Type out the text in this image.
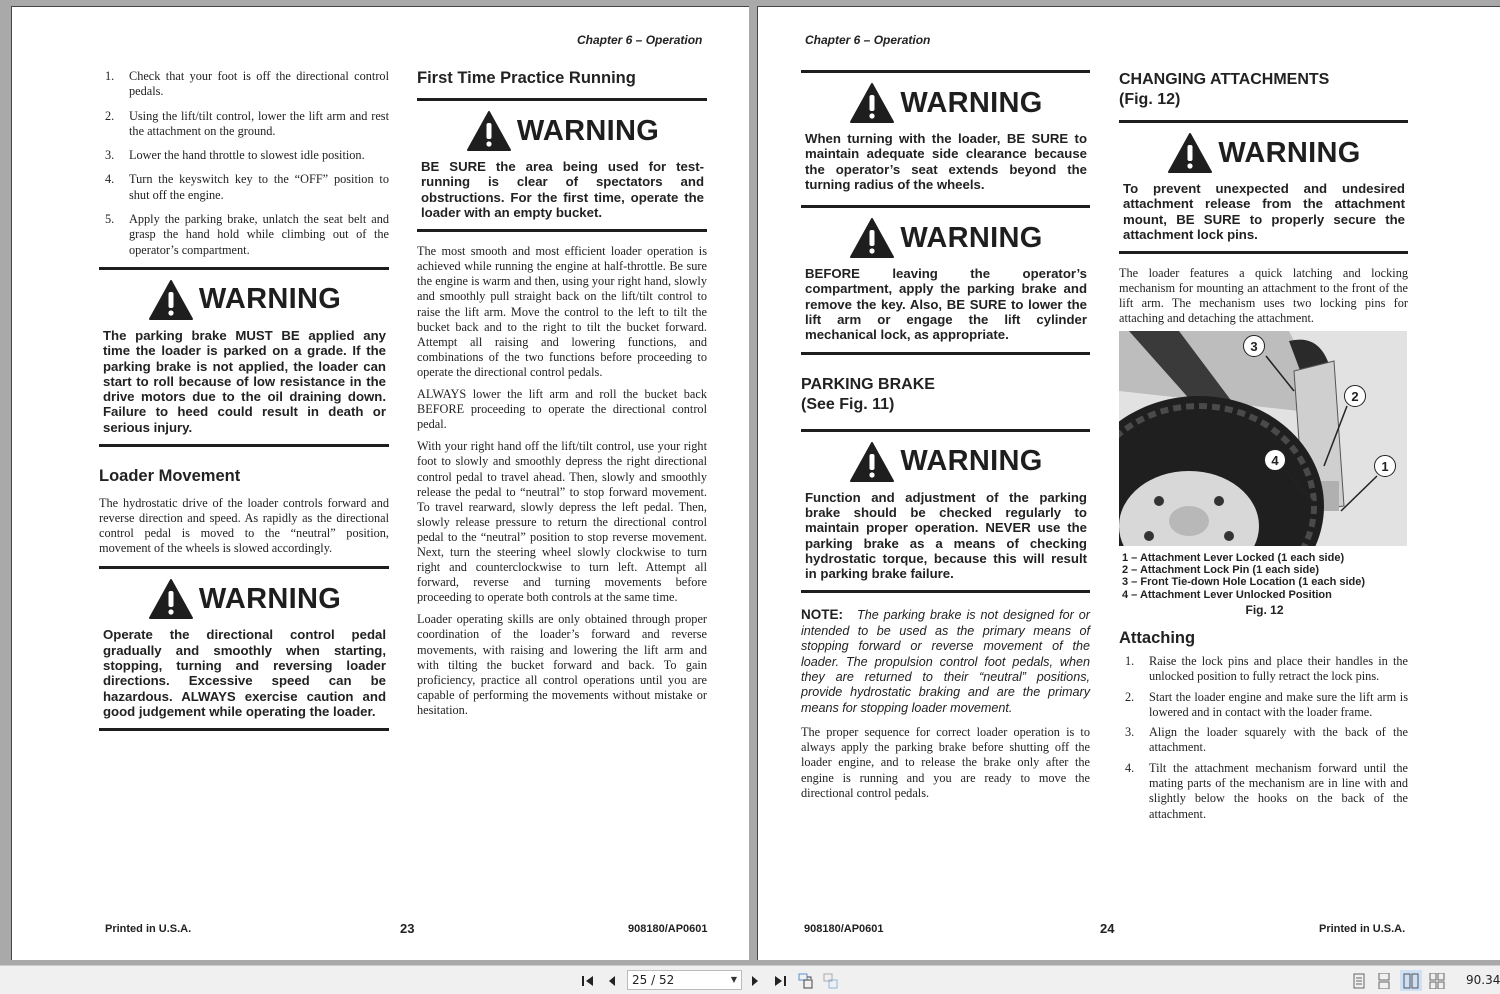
Chapter 6 – Operation
1.	Check that your foot is off the directional control pedals.
2.	Using the lift/tilt control, lower the lift arm and rest the attachment on the ground.
3.	Lower the hand throttle to slowest idle position.
4.	Turn the keyswitch key to the “OFF” position to shut off the engine.
5.	Apply the parking brake, unlatch the seat belt and grasp the hand hold while climbing out of the operator’s compartment.
WARNING
The parking brake MUST BE applied any time the loader is parked on a grade. If the parking brake is not applied, the loader can start to roll because of low resistance in the drive motors due to the oil draining down. Failure to heed could result in death or serious injury.
Loader Movement
The hydrostatic drive of the loader controls forward and reverse direction and speed. As rapidly as the directional control pedal is moved to the “neutral” position, movement of the wheels is slowed accordingly.
WARNING
Operate the directional control pedal gradually and smoothly when starting, stopping, turning and reversing loader directions. Excessive speed can be hazardous. ALWAYS exercise caution and good judgement while operating the loader.
First Time Practice Running
WARNING
BE SURE the area being used for test-running is clear of spectators and obstructions. For the first time, operate the loader with an empty bucket.
The most smooth and most efficient loader operation is achieved while running the engine at half-throttle. Be sure the engine is warm and then, using your right hand, slowly and smoothly pull straight back on the lift/tilt control to raise the lift arm. Move the control to the left to tilt the bucket back and to the right to tilt the bucket forward. Attempt all raising and lowering functions, and combinations of the two functions before proceeding to operate the directional control pedals.
ALWAYS lower the lift arm and roll the bucket back BEFORE proceeding to operate the directional control pedal.
With your right hand off the lift/tilt control, use your right foot to slowly and smoothly depress the right directional control pedal to travel ahead. Then, slowly and smoothly release the pedal to “neutral” to stop forward movement. To travel rearward, slowly depress the left pedal. Then, slowly release pressure to return the directional control pedal to the “neutral” position to stop reverse movement. Next, turn the steering wheel slowly clockwise to turn right and counterclockwise to turn left. Attempt all forward, reverse and turning movements before proceeding to operate both controls at the same time.
Loader operating skills are only obtained through proper coordination of the loader’s forward and reverse movements, with raising and lowering the lift arm and with tilting the bucket forward and back. To gain proficiency, practice all control operations until you are capable of performing the movements without mistake or hesitation.
Printed in U.S.A.	23	908180/AP0601
Chapter 6 – Operation
WARNING
When turning with the loader, BE SURE to maintain adequate side clearance because the operator’s seat extends beyond the turning radius of the wheels.
WARNING
BEFORE leaving the operator’s compartment, apply the parking brake and remove the key. Also, BE SURE to lower the lift arm or engage the lift cylinder mechanical lock, as appropriate.
PARKING BRAKE
(See Fig. 11)
WARNING
Function and adjustment of the parking brake should be checked regularly to maintain proper operation. NEVER use the parking brake as a means of checking hydrostatic torque, because this will result in parking brake failure.
NOTE: The parking brake is not designed for or intended to be used as the primary means of stopping forward or reverse movement of the loader. The propulsion control foot pedals, when they are returned to their “neutral” positions, provide hydrostatic braking and are the primary means for stopping loader movement.
The proper sequence for correct loader operation is to always apply the parking brake before shutting off the loader engine, and to release the brake only after the engine is running and you are ready to move the directional control pedals.
CHANGING ATTACHMENTS
(Fig. 12)
WARNING
To prevent unexpected and undesired attachment release from the attachment mount, BE SURE to properly secure the attachment lock pins.
The loader features a quick latching and locking mechanism for mounting an attachment to the front of the lift arm. The mechanism uses two locking pins for attaching and detaching the attachment.
3
2
4	1
1 – Attachment Lever Locked (1 each side)
2 – Attachment Lock Pin (1 each side)
3 – Front Tie-down Hole Location (1 each side)
4 – Attachment Lever Unlocked Position
Fig. 12
Attaching
1.	Raise the lock pins and place their handles in the unlocked position to fully retract the lock pins.
2.	Start the loader engine and make sure the lift arm is lowered and in contact with the loader frame.
3.	Align the loader squarely with the back of the attachment.
4.	Tilt the attachment mechanism forward until the mating parts of the mechanism are in line with and slightly below the hooks on the back of the attachment.
908180/AP0601	24	Printed in U.S.A.
25 / 52	▼	90.34
